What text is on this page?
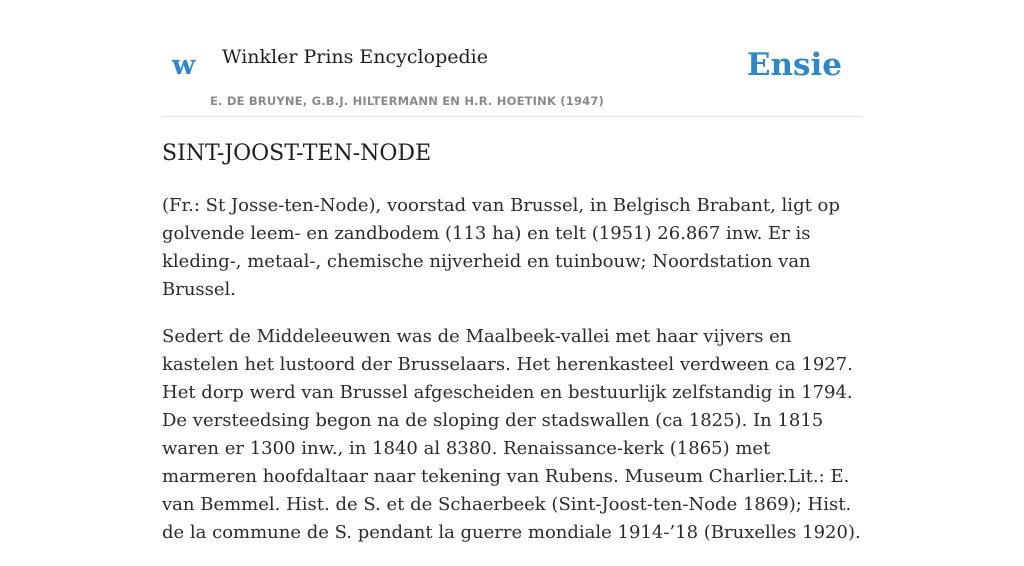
w Winkler Prins Encyclopedie
E. DE BRUYNE, G.B.J. HILTERMANN EN H.R. HOETINK (1947)
Ensie
SINT-JOOST-TEN-NODE

(Fr.: St Josse-ten-Node), voorstad van Brussel, in Belgisch Brabant, ligt op golvende leem- en zandbodem (113 ha) en telt (1951) 26.867 inw. Er is kleding-, metaal-, chemische nijverheid en tuinbouw; Noordstation van Brussel.

Sedert de Middeleeuwen was de Maalbeek-vallei met haar vijvers en kastelen het lustoord der Brusselaars. Het herenkasteel verdween ca 1927. Het dorp werd van Brussel afgescheiden en bestuurlijk zelfstandig in 1794. De versteedsing begon na de sloping der stadswallen (ca 1825). In 1815 waren er 1300 inw., in 1840 al 8380. Renaissance-kerk (1865) met marmeren hoofdaltaar naar tekening van Rubens. Museum Charlier.Lit.: E. van Bemmel. Hist. de S. et de Schaerbeek (Sint-Joost-ten-Node 1869); Hist. de la commune de S. pendant la guerre mondiale 1914-’18 (Bruxelles 1920).
